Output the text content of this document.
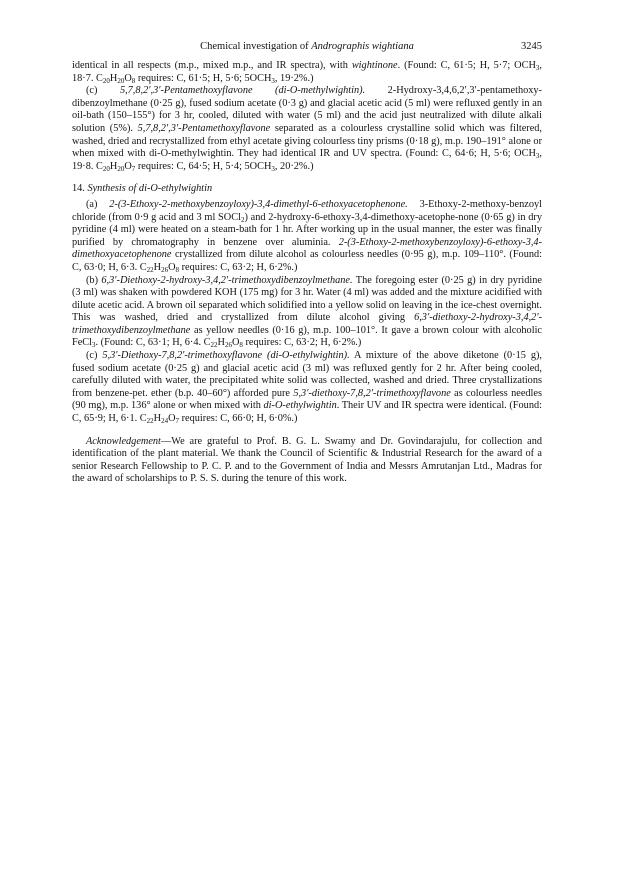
Chemical investigation of Andrographis wightiana	3245

identical in all respects (m.p., mixed m.p., and IR spectra), with wightinone. (Found: C, 61·5; H, 5·7; $OCH_3$, 18·7. $C_{20}H_{20}O_8$ requires: C, 61·5; H, 5·6; $5OCH_3$, 19·2%.)

(c) 5,7,8,2′,3′-Pentamethoxyflavone (di-O-methylwightin). 2-Hydroxy-3,4,6,2′,3′-pentamethoxy-dibenzoylmethane (0·25 g), fused sodium acetate (0·3 g) and glacial acetic acid (5 ml) were refluxed gently in an oil-bath (150–155°) for 3 hr, cooled, diluted with water (5 ml) and the acid just neutralized with dilute alkali solution (5%). 5,7,8,2′,3′-Pentamethoxyflavone separated as a colourless crystalline solid which was filtered, washed, dried and recrystallized from ethyl acetate giving colourless tiny prisms (0·18 g), m.p. 190–191° alone or when mixed with di-O-methylwightin. They had identical IR and UV spectra. (Found: C, 64·6; H, 5·6; $OCH_3$, 19·8. $C_{20}H_{20}O_7$ requires: C, 64·5; H, 5·4; $5OCH_3$, 20·2%.)

14. Synthesis of di-O-ethylwightin

(a) 2-(3-Ethoxy-2-methoxybenzoyloxy)-3,4-dimethyl-6-ethoxyacetophenone. 3-Ethoxy-2-methoxy-benzoyl chloride (from 0·9 g acid and 3 ml SOCl$_2$) and 2-hydroxy-6-ethoxy-3,4-dimethoxy-acetophe-none (0·65 g) in dry pyridine (4 ml) were heated on a steam-bath for 1 hr. After working up in the usual manner, the ester was finally purified by chromatography in benzene over aluminia. 2-(3-Ethoxy-2-methoxybenzoyloxy)-6-ethoxy-3,4-dimethoxyacetophenone crystallized from dilute alcohol as colourless needles (0·95 g), m.p. 109–110°. (Found: C, 63·0; H, 6·3. $C_{22}H_{26}O_8$ requires: C, 63·2; H, 6·2%.)

(b) 6,3′-Diethoxy-2-hydroxy-3,4,2′-trimethoxydibenzoylmethane. The foregoing ester (0·25 g) in dry pyridine (3 ml) was shaken with powdered KOH (175 mg) for 3 hr. Water (4 ml) was added and the mixture acidified with dilute acetic acid. A brown oil separated which solidified into a yellow solid on leaving in the ice-chest overnight. This was washed, dried and crystallized from dilute alcohol giving 6,3′-diethoxy-2-hydroxy-3,4,2′-trimethoxydibenzoylmethane as yellow needles (0·16 g), m.p. 100–101°. It gave a brown colour with alcoholic FeCl$_3$. (Found: C, 63·1; H, 6·4. $C_{22}H_{26}O_8$ requires: C, 63·2; H, 6·2%.)

(c) 5,3′-Diethoxy-7,8,2′-trimethoxyflavone (di-O-ethylwightin). A mixture of the above diketone (0·15 g), fused sodium acetate (0·25 g) and glacial acetic acid (3 ml) was refluxed gently for 2 hr. After being cooled, carefully diluted with water, the precipitated white solid was collected, washed and dried. Three crystallizations from benzene-pet. ether (b.p. 40–60°) afforded pure 5,3′-diethoxy-7,8,2′-trimethoxyflavone as colourless needles (90 mg), m.p. 136° alone or when mixed with di-O-ethylwightin. Their UV and IR spectra were identical. (Found: C, 65·9; H, 6·1. $C_{22}H_{24}O_7$ requires: C, 66·0; H, 6·0%.)

Acknowledgement—We are grateful to Prof. B. G. L. Swamy and Dr. Govindarajulu, for collection and identification of the plant material. We thank the Council of Scientific & Industrial Research for the award of a senior Research Fellowship to P. C. P. and to the Government of India and Messrs Amrutanjan Ltd., Madras for the award of scholarships to P. S. S. during the tenure of this work.
